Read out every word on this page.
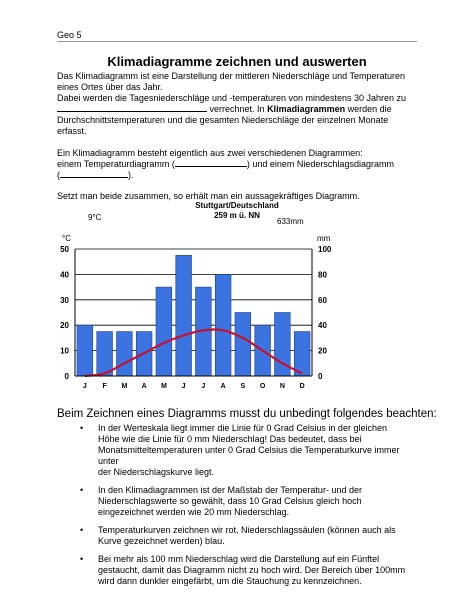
Geo 5
Klimadiagramme zeichnen und auswerten
Das Klimadiagramm ist eine Darstellung der mittleren Niederschläge und Temperaturen
eines Ortes über das Jahr.
Dabei werden die Tagesniederschläge und -temperaturen von mindestens 30 Jahren zu
verrechnet. In Klimadiagrammen werden die
Durchschnittstemperaturen und die gesamten Niederschläge der einzelnen Monate
erfasst.
Ein Klimadiagramm besteht eigentlich aus zwei verschiedenen Diagrammen:
einem Temperaturdiagramm (	) und einem Niederschlagsdiagramm
(	).
Setzt man beide zusammen, so erhält man ein aussagekräftiges Diagramm.
Stuttgart/Deutschland
259 m ü. NN
9°C	633mm
0
10
20
30
40
50
0
20
40
60
80
100
J F M A M J J A S O N D
°C	mm
Beim Zeichnen eines Diagramms musst du unbedingt folgendes beachten:
• In der Werteskala liegt immer die Linie für 0 Grad Celsius in der gleichen
Höhe wie die Linie für 0 mm Niederschlag! Das bedeutet, dass bei
Monatsmitteltemperaturen unter 0 Grad Celsius die Temperaturkurve immer unter
der Niederschlagskurve liegt.
• In den Klimadiagrammen ist der Maßstab der Temperatur- und der
Niederschlagswerte so gewählt, dass 10 Grad Celsius gleich hoch
eingezeichnet werden wie 20 mm Niederschlag.
• Temperaturkurven zeichnen wir rot, Niederschlagssäulen (können auch als
Kurve gezeichnet werden) blau.
• Bei mehr als 100 mm Niederschlag wird die Darstellung auf ein Fünftel
gestaucht, damit das Diagramm nicht zu hoch wird. Der Bereich über 100mm
wird dann dunkler eingefärbt, um die Stauchung zu kennzeichnen.
